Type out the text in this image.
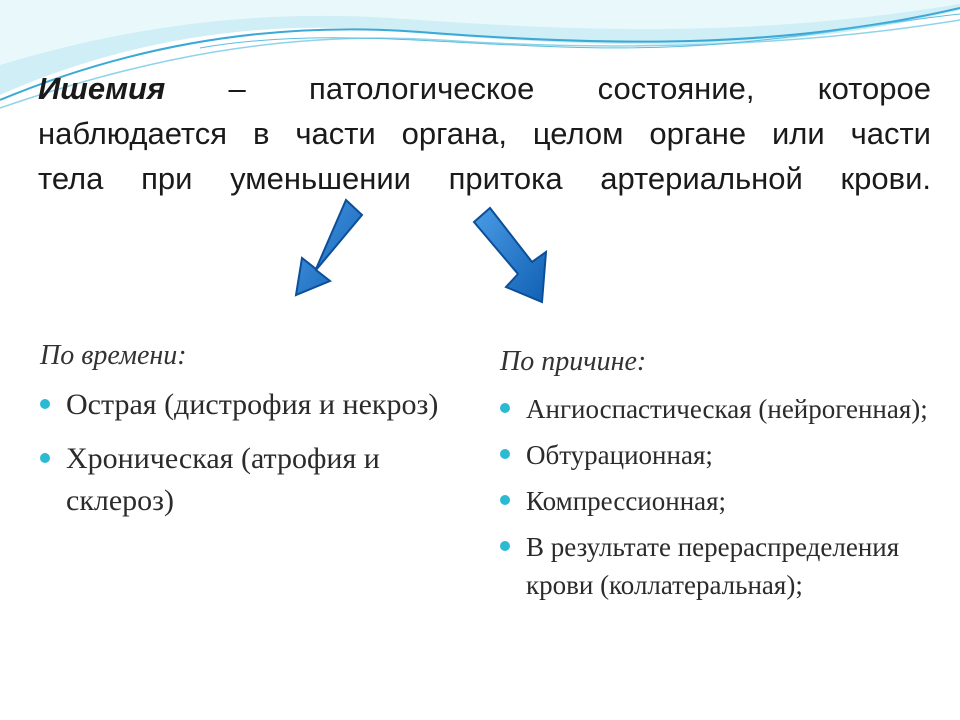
Ишемия – патологическое состояние, которое
наблюдается в части органа, целом органе или части
тела при уменьшении притока артериальной крови.
По времени:
Острая (дистрофия и некроз)
Хроническая (атрофия и склероз)
По причине:
Ангиоспастическая (нейрогенная);
Обтурационная;
Компрессионная;
В результате перераспределения крови (коллатеральная);
